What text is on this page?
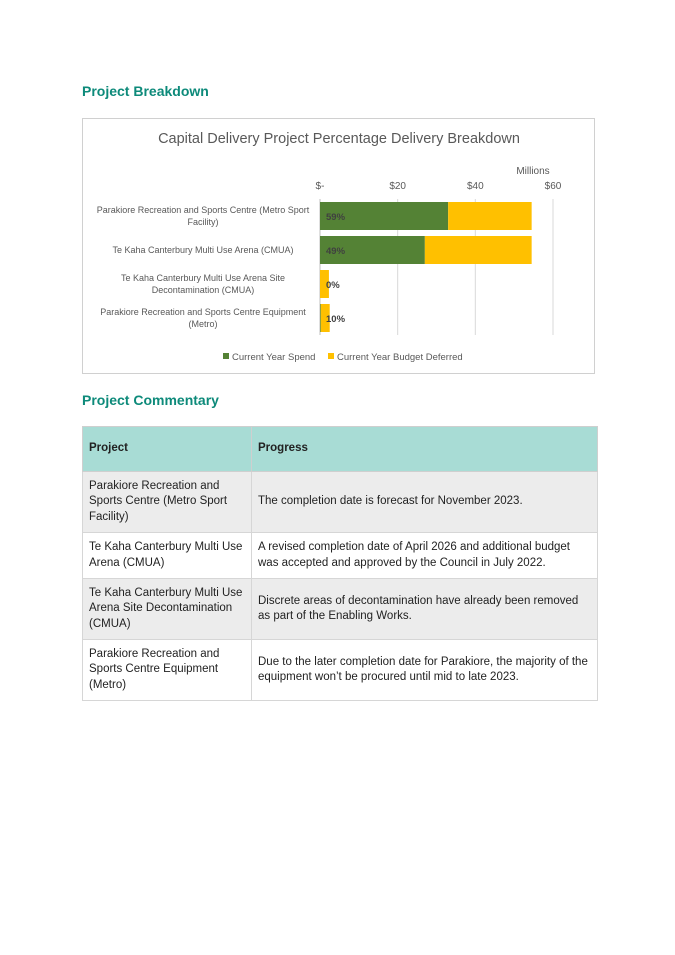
Project Breakdown
Capital Delivery Project Percentage Delivery Breakdown
Millions
$-	$20	$40	$60
59%
Parakiore Recreation and Sports Centre (Metro Sport Facility)
49%
Te Kaha Canterbury Multi Use Arena (CMUA)
0%
Te Kaha Canterbury Multi Use Arena Site Decontamination (CMUA)
10%
Parakiore Recreation and Sports Centre Equipment (Metro)
Current Year Spend Current Year Budget Deferred
Project Commentary
Project	Progress
Parakiore Recreation and Sports Centre (Metro Sport Facility)	The completion date is forecast for November 2023.
Te Kaha Canterbury Multi Use Arena (CMUA)	A revised completion date of April 2026 and additional budget was accepted and approved by the Council in July 2022.
Te Kaha Canterbury Multi Use Arena Site Decontamination (CMUA)	Discrete areas of decontamination have already been removed as part of the Enabling Works.
Parakiore Recreation and Sports Centre Equipment (Metro)	Due to the later completion date for Parakiore, the majority of the equipment won’t be procured until mid to late 2023.
